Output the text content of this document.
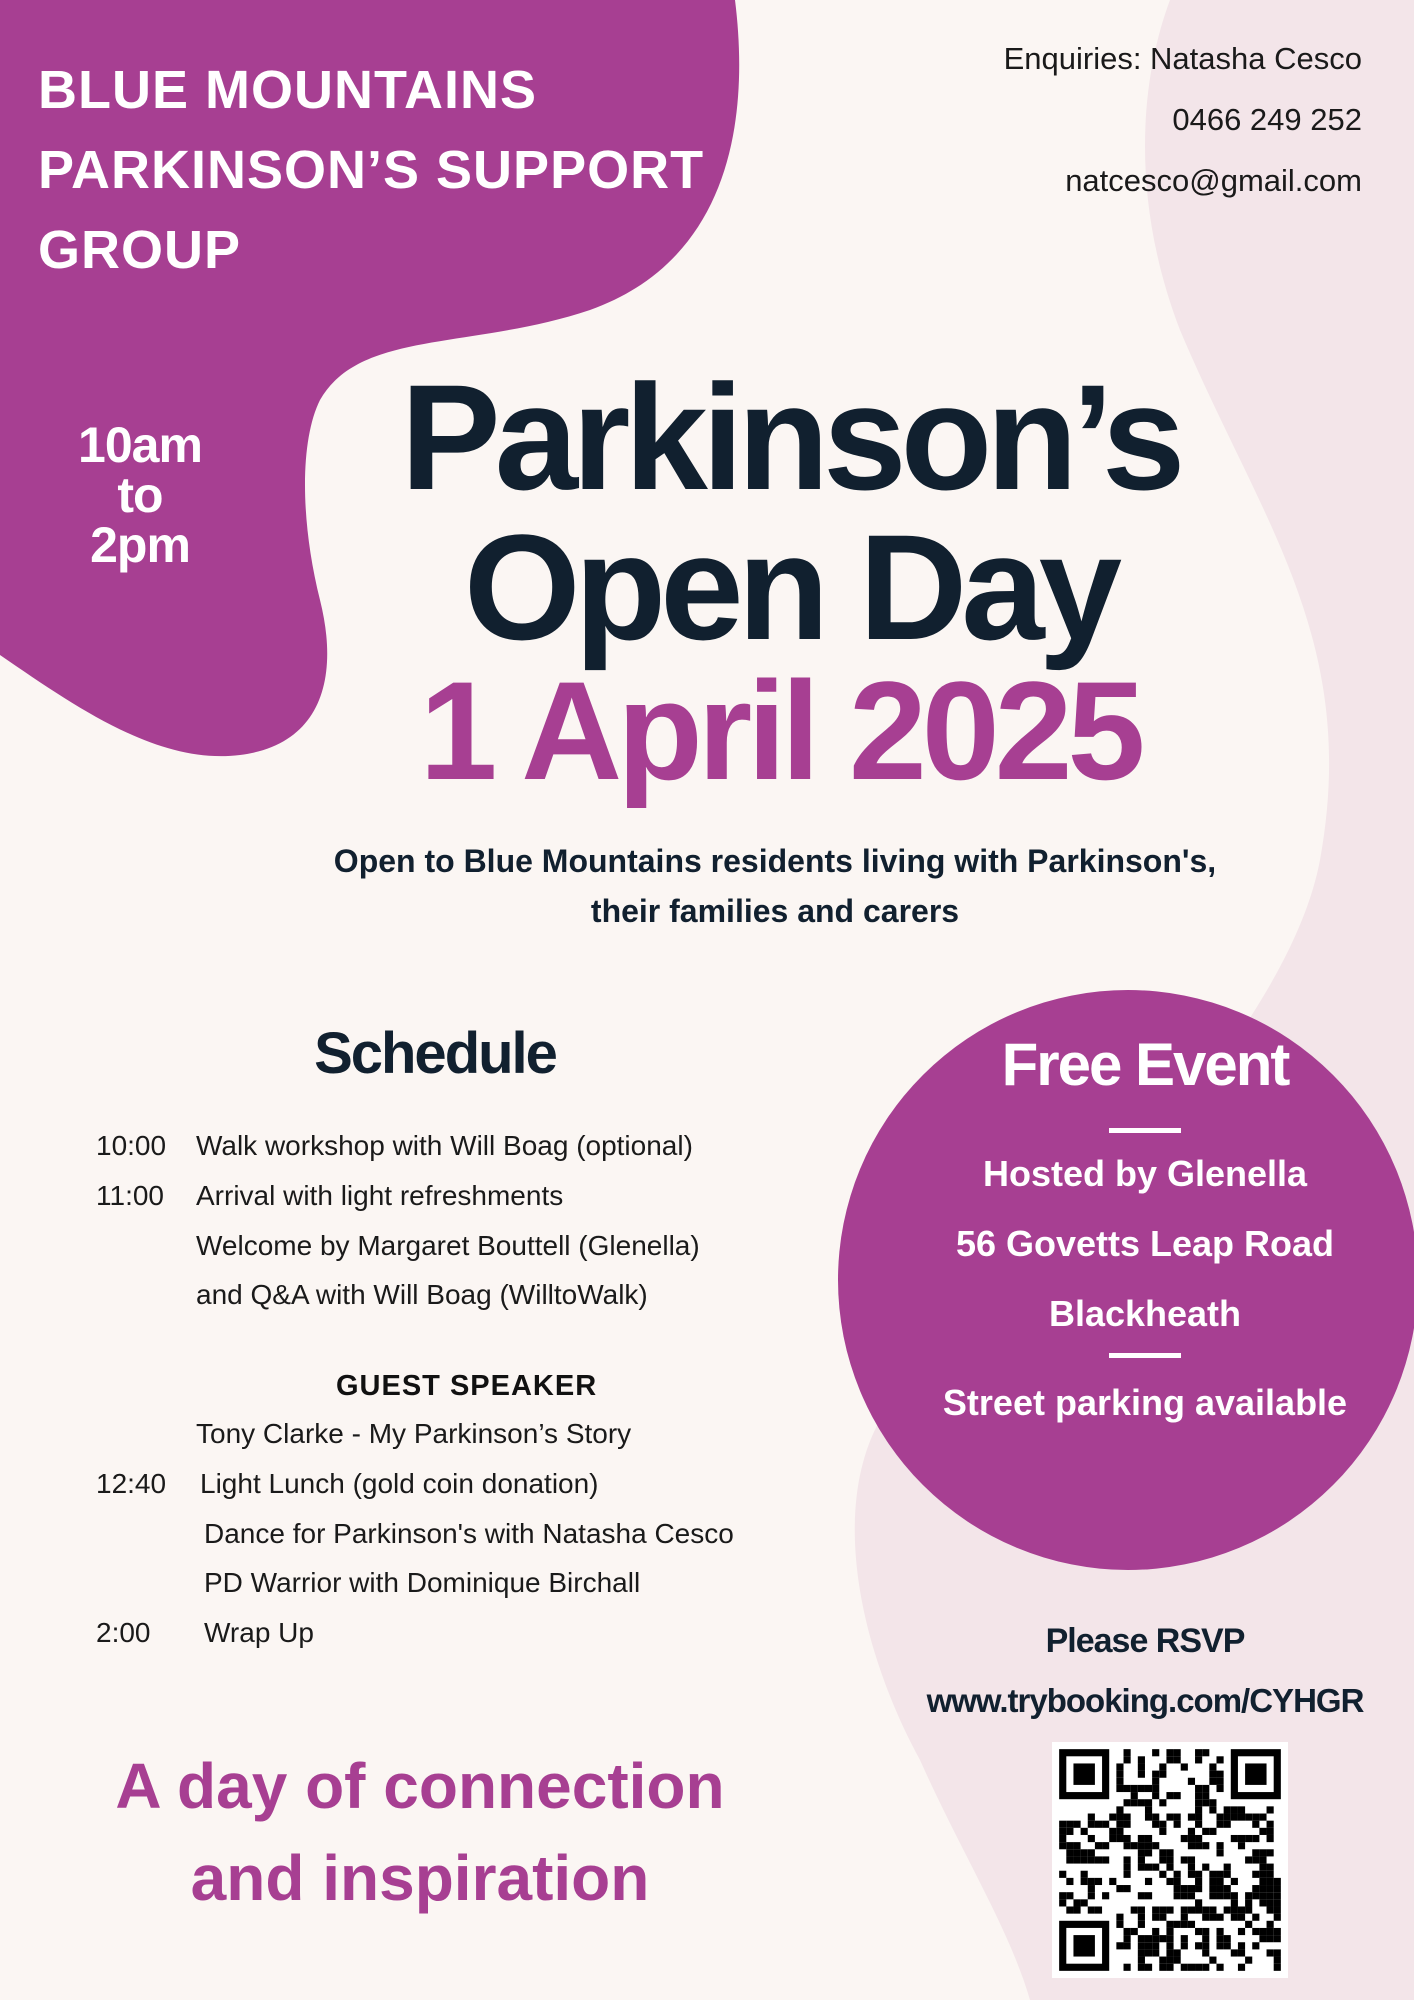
BLUE MOUNTAINS
PARKINSON’S SUPPORT
GROUP
10am
to
2pm
Enquiries: Natasha Cesco
0466 249 252
natcesco@gmail.com
Parkinson’s
Open Day
1 April 2025
Open to Blue Mountains residents living with Parkinson's,
their families and carers
Schedule
10:00 Walk workshop with Will Boag (optional)
11:00 Arrival with light refreshments
Welcome by Margaret Bouttell (Glenella)
and Q&A with Will Boag (WilltoWalk)
GUEST SPEAKER
Tony Clarke - My Parkinson’s Story
12:40 Light Lunch (gold coin donation)
Dance for Parkinson's with Natasha Cesco
PD Warrior with Dominique Birchall
2:00 Wrap Up
A day of connection
and inspiration
Free Event
Hosted by Glenella
56 Govetts Leap Road
Blackheath
Street parking available
Please RSVP
www.trybooking.com/CYHGR
